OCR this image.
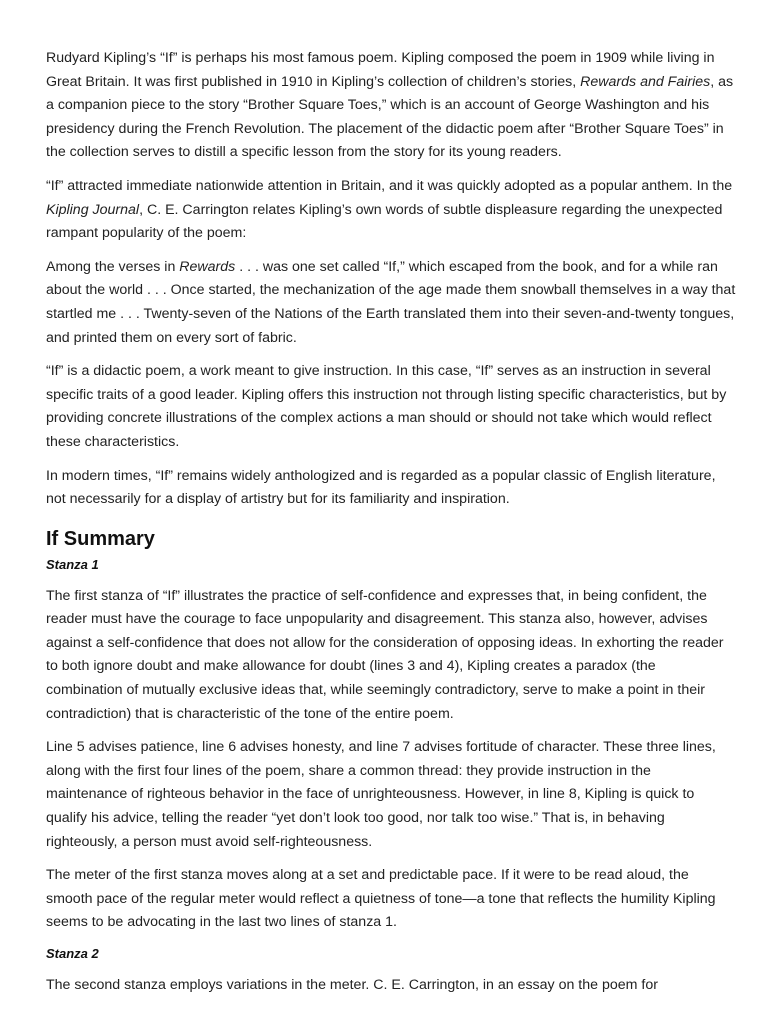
Rudyard Kipling’s “If” is perhaps his most famous poem. Kipling composed the poem in 1909 while living in Great Britain. It was first published in 1910 in Kipling’s collection of children’s stories, Rewards and Fairies, as a companion piece to the story “Brother Square Toes,” which is an account of George Washington and his presidency during the French Revolution. The placement of the didactic poem after “Brother Square Toes” in the collection serves to distill a specific lesson from the story for its young readers.

“If” attracted immediate nationwide attention in Britain, and it was quickly adopted as a popular anthem. In the Kipling Journal, C. E. Carrington relates Kipling’s own words of subtle displeasure regarding the unexpected rampant popularity of the poem:

Among the verses in Rewards . . . was one set called “If,” which escaped from the book, and for a while ran about the world . . . Once started, the mechanization of the age made them snowball themselves in a way that startled me . . . Twenty-seven of the Nations of the Earth translated them into their seven-and-twenty tongues, and printed them on every sort of fabric.

“If” is a didactic poem, a work meant to give instruction. In this case, “If” serves as an instruction in several specific traits of a good leader. Kipling offers this instruction not through listing specific characteristics, but by providing concrete illustrations of the complex actions a man should or should not take which would reflect these characteristics.

In modern times, “If” remains widely anthologized and is regarded as a popular classic of English literature, not necessarily for a display of artistry but for its familiarity and inspiration.

If Summary
Stanza 1

The first stanza of “If” illustrates the practice of self-confidence and expresses that, in being confident, the reader must have the courage to face unpopularity and disagreement. This stanza also, however, advises against a self-confidence that does not allow for the consideration of opposing ideas. In exhorting the reader to both ignore doubt and make allowance for doubt (lines 3 and 4), Kipling creates a paradox (the combination of mutually exclusive ideas that, while seemingly contradictory, serve to make a point in their contradiction) that is characteristic of the tone of the entire poem.

Line 5 advises patience, line 6 advises honesty, and line 7 advises fortitude of character. These three lines, along with the first four lines of the poem, share a common thread: they provide instruction in the maintenance of righteous behavior in the face of unrighteousness. However, in line 8, Kipling is quick to qualify his advice, telling the reader “yet don’t look too good, nor talk too wise.” That is, in behaving righteously, a person must avoid self-righteousness.

The meter of the first stanza moves along at a set and predictable pace. If it were to be read aloud, the smooth pace of the regular meter would reflect a quietness of tone—a tone that reflects the humility Kipling seems to be advocating in the last two lines of stanza 1.

Stanza 2

The second stanza employs variations in the meter. C. E. Carrington, in an essay on the poem for
